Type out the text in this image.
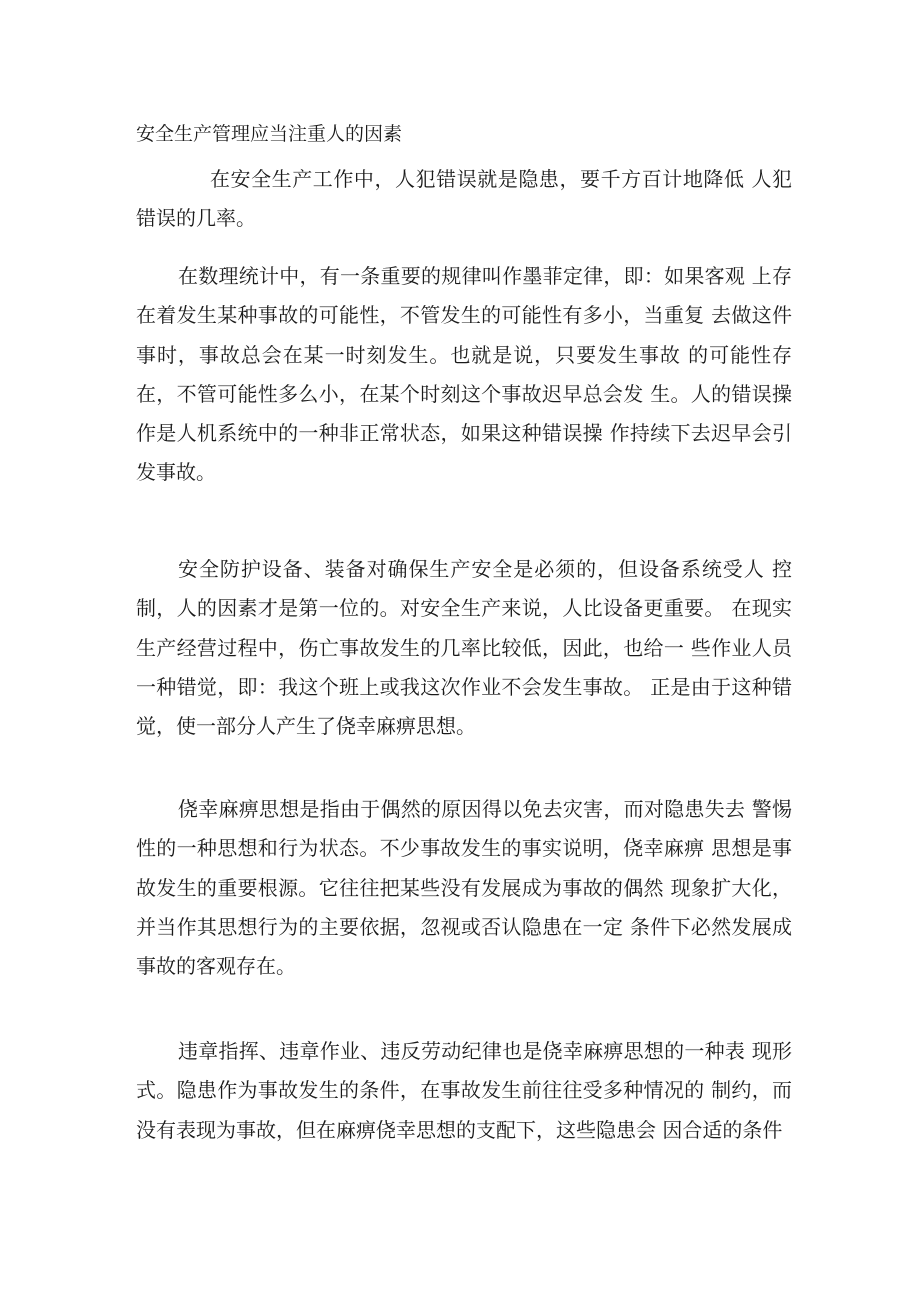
安全生产管理应当注重人的因素

在安全生产工作中，人犯错误就是隐患，要千方百计地降低 人犯错误的几率。

在数理统计中，有一条重要的规律叫作墨菲定律，即：如果客观 上存在着发生某种事故的可能性，不管发生的可能性有多小，当重复 去做这件事时，事故总会在某一时刻发生。也就是说，只要发生事故 的可能性存在，不管可能性多么小，在某个时刻这个事故迟早总会发 生。人的错误操作是人机系统中的一种非正常状态，如果这种错误操 作持续下去迟早会引发事故。

安全防护设备、装备对确保生产安全是必须的，但设备系统受人 控制，人的因素才是第一位的。对安全生产来说，人比设备更重要。 在现实生产经营过程中，伤亡事故发生的几率比较低，因此，也给一 些作业人员一种错觉，即：我这个班上或我这次作业不会发生事故。 正是由于这种错觉，使一部分人产生了侥幸麻痹思想。

侥幸麻痹思想是指由于偶然的原因得以免去灾害，而对隐患失去 警惕性的一种思想和行为状态。不少事故发生的事实说明，侥幸麻痹 思想是事故发生的重要根源。它往往把某些没有发展成为事故的偶然 现象扩大化，并当作其思想行为的主要依据，忽视或否认隐患在一定 条件下必然发展成事故的客观存在。

违章指挥、违章作业、违反劳动纪律也是侥幸麻痹思想的一种表 现形式。隐患作为事故发生的条件，在事故发生前往往受多种情况的 制约，而没有表现为事故，但在麻痹侥幸思想的支配下，这些隐患会 因合适的条件
